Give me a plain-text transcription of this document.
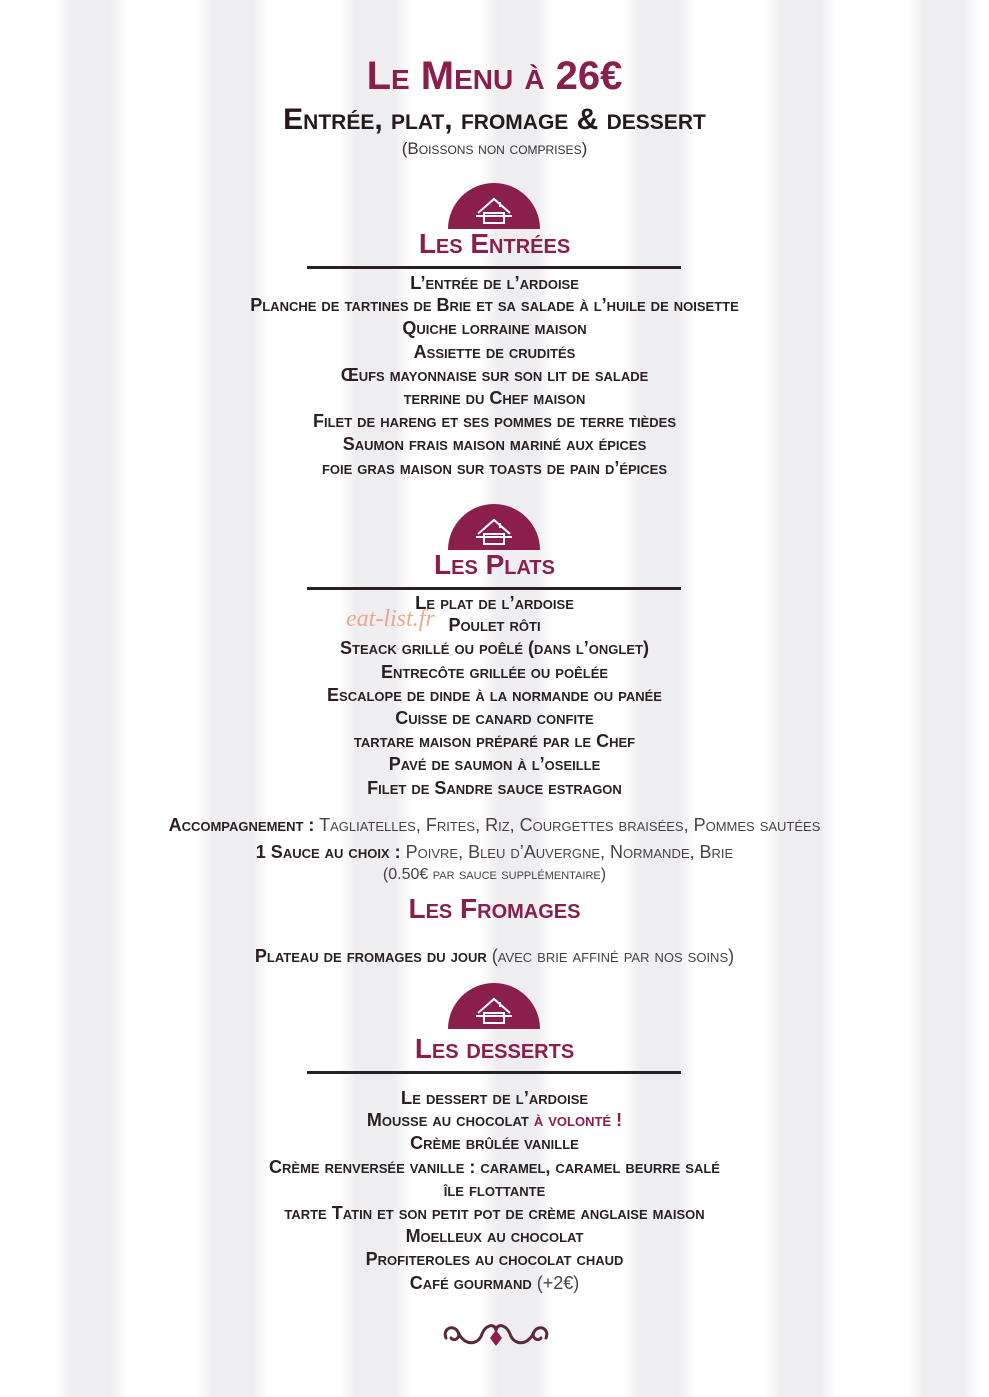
Le Menu à 26€
Entrée, plat, fromage & dessert
(Boissons non comprises)
Les Entrées
L’entrée de l’ardoise
Planche de tartines de Brie et sa salade à l’huile de noisette
Quiche lorraine maison
Assiette de crudités
Œufs mayonnaise sur son lit de salade
terrine du Chef maison
Filet de hareng et ses pommes de terre tièdes
Saumon frais maison mariné aux épices
foie gras maison sur toasts de pain d’épices
Les Plats
Le plat de l’ardoise
Poulet rôti
Steack grillé ou poêlé (dans l’onglet)
Entrecôte grillée ou poêlée
Escalope de dinde à la normande ou panée
Cuisse de canard confite
tartare maison préparé par le Chef
Pavé de saumon à l’oseille
Filet de Sandre sauce estragon
eat-list.fr
Accompagnement : Tagliatelles, Frites, Riz, Courgettes braisées, Pommes sautées
1 Sauce au choix : Poivre, Bleu d’Auvergne, Normande, Brie
(0.50€ par sauce supplémentaire)
Les Fromages
Plateau de fromages du jour (avec brie affiné par nos soins)
Les desserts
Le dessert de l’ardoise
Mousse au chocolat à volonté !
Crème brûlée vanille
Crème renversée vanille : caramel, caramel beurre salé
île flottante
tarte Tatin et son petit pot de crème anglaise maison
Moelleux au chocolat
Profiteroles au chocolat chaud
Café gourmand (+2€)
